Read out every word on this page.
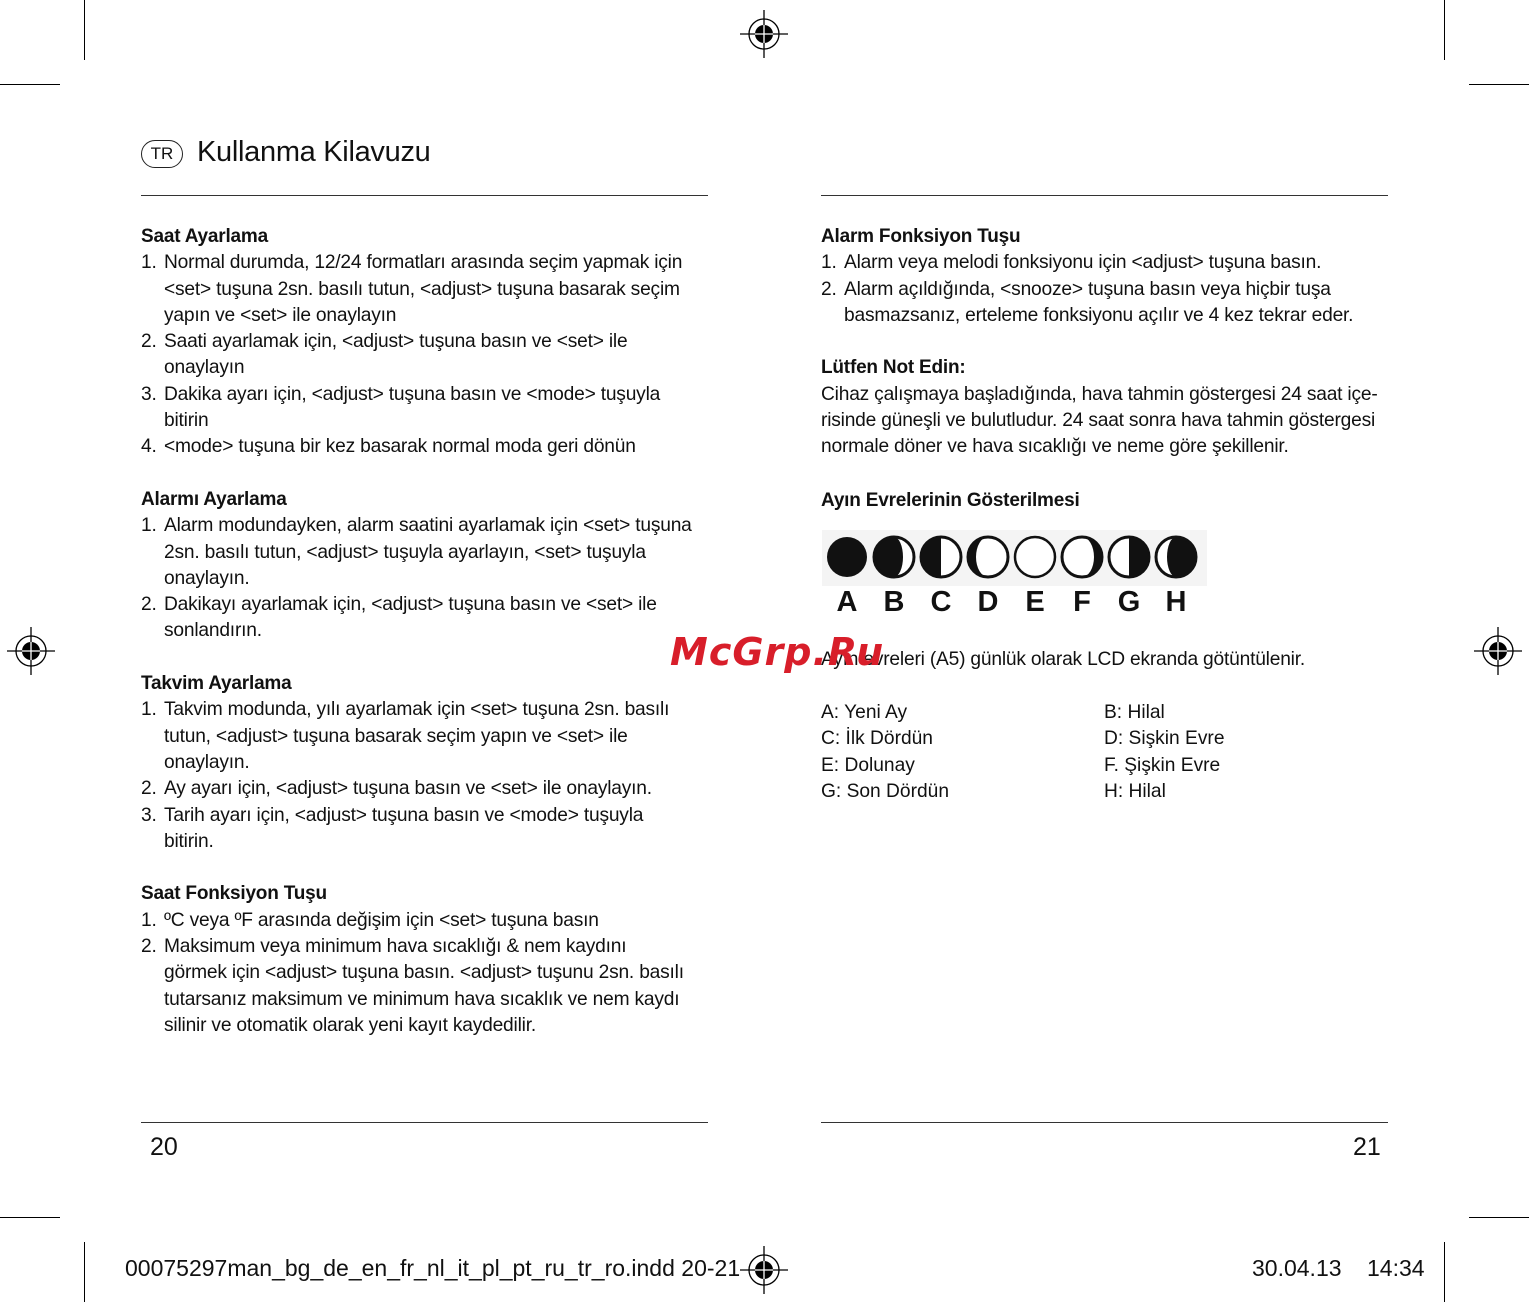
TR Kullanma Kilavuzu
Saat Ayarlama
1. Normal durumda, 12/24 formatları arasında seçim yapmak için
<set> tuşuna 2sn. basılı tutun, <adjust> tuşuna basarak seçim
yapın ve <set> ile onaylayın
2. Saati ayarlamak için, <adjust> tuşuna basın ve <set> ile
onaylayın
3. Dakika ayarı için, <adjust> tuşuna basın ve <mode> tuşuyla
bitirin
4. <mode> tuşuna bir kez basarak normal moda geri dönün
Alarmı Ayarlama
1. Alarm modundayken, alarm saatini ayarlamak için <set> tuşuna
2sn. basılı tutun, <adjust> tuşuyla ayarlayın, <set> tuşuyla
onaylayın.
2. Dakikayı ayarlamak için, <adjust> tuşuna basın ve <set> ile
sonlandırın.
Takvim Ayarlama
1. Takvim modunda, yılı ayarlamak için <set> tuşuna 2sn. basılı
tutun, <adjust> tuşuna basarak seçim yapın ve <set> ile
onaylayın.
2. Ay ayarı için, <adjust> tuşuna basın ve <set> ile onaylayın.
3. Tarih ayarı için, <adjust> tuşuna basın ve <mode> tuşuyla
bitirin.
Saat Fonksiyon Tuşu
1. ºC veya ºF arasında değişim için <set> tuşuna basın
2. Maksimum veya minimum hava sıcaklığı & nem kaydını
görmek için <adjust> tuşuna basın. <adjust> tuşunu 2sn. basılı
tutarsanız maksimum ve minimum hava sıcaklık ve nem kaydı
silinir ve otomatik olarak yeni kayıt kaydedilir.
Alarm Fonksiyon Tuşu
1. Alarm veya melodi fonksiyonu için <adjust> tuşuna basın.
2. Alarm açıldığında, <snooze> tuşuna basın veya hiçbir tuşa
basmazsanız, erteleme fonksiyonu açılır ve 4 kez tekrar eder.
Lütfen Not Edin:
Cihaz çalışmaya başladığında, hava tahmin göstergesi 24 saat içe-
risinde güneşli ve bulutludur. 24 saat sonra hava tahmin göstergesi
normale döner ve hava sıcaklığı ve neme göre şekillenir.
Ayın Evrelerinin Gösterilmesi
A B C D E F G H
Ayın evreleri (A5) günlük olarak LCD ekranda götüntülenir.
McGrp.Ru
A: Yeni Ay	B: Hilal
C: İlk Dördün	D: Sişkin Evre
E: Dolunay	F. Şişkin Evre
G: Son Dördün	H: Hilal
20	21
00075297man_bg_de_en_fr_nl_it_pl_pt_ru_tr_ro.indd 20-21	30.04.13 14:34
